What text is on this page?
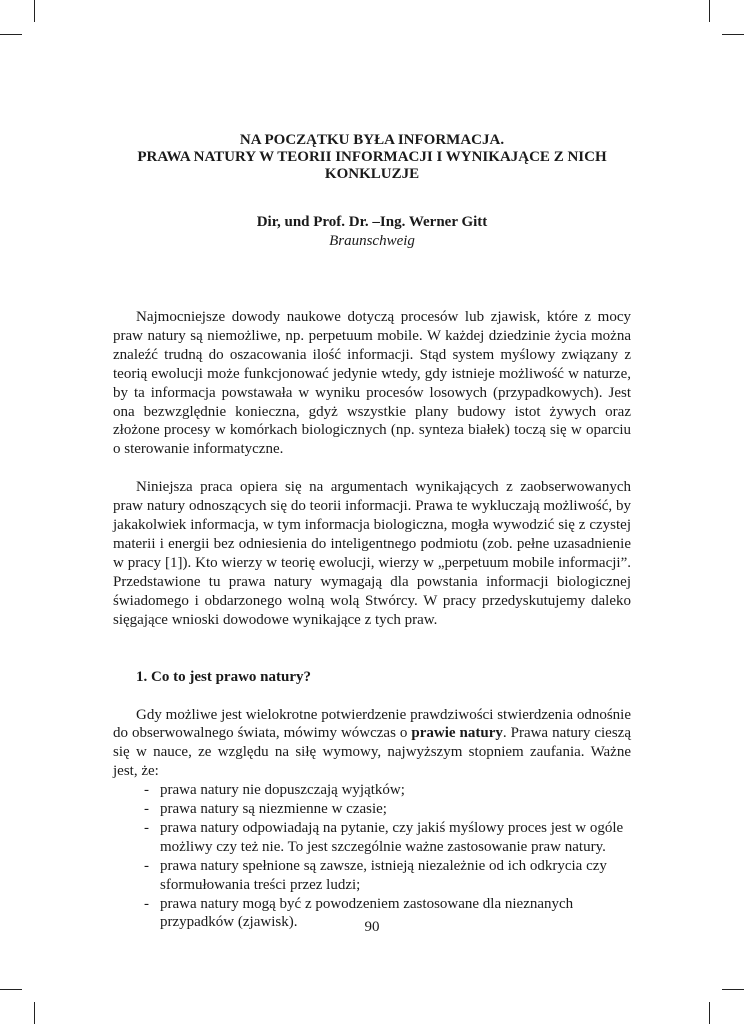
NA POCZĄTKU BYŁA INFORMACJA.
PRAWA NATURY W TEORII INFORMACJI I WYNIKAJĄCE Z NICH
KONKLUZJE
Dir, und Prof. Dr. –Ing. Werner Gitt
Braunschweig

Najmocniejsze dowody naukowe dotyczą procesów lub zjawisk, które z mocy praw natury są niemożliwe, np. perpetuum mobile. W każdej dziedzinie życia można znaleźć trudną do oszacowania ilość informacji. Stąd system myślowy związany z teorią ewolucji może funkcjonować jedynie wtedy, gdy istnieje możliwość w naturze, by ta informacja powstawała w wyniku procesów losowych (przypadkowych). Jest ona bezwzględnie konieczna, gdyż wszystkie plany budowy istot żywych oraz złożone procesy w komórkach biologicznych (np. synteza białek) toczą się w oparciu o sterowanie informatyczne.

Niniejsza praca opiera się na argumentach wynikających z zaobserwowanych praw natury odnoszących się do teorii informacji. Prawa te wykluczają możliwość, by jakakolwiek informacja, w tym informacja biologiczna, mogła wywodzić się z czystej materii i energii bez odniesienia do inteligentnego podmiotu (zob. pełne uzasadnienie w pracy [1]). Kto wierzy w teorię ewolucji, wierzy w „perpetuum mobile informacji”. Przedstawione tu prawa natury wymagają dla powstania informacji biologicznej świadomego i obdarzonego wolną wolą Stwórcy. W pracy przedyskutujemy daleko sięgające wnioski dowodowe wynikające z tych praw.

1. Co to jest prawo natury?

Gdy możliwe jest wielokrotne potwierdzenie prawdziwości stwierdzenia odnośnie do obserwowalnego świata, mówimy wówczas o prawie natury. Prawa natury cieszą się w nauce, ze względu na siłę wymowy, najwyższym stopniem zaufania. Ważne jest, że:

- prawa natury nie dopuszczają wyjątków;
- prawa natury są niezmienne w czasie;
- prawa natury odpowiadają na pytanie, czy jakiś myślowy proces jest w ogóle możliwy czy też nie. To jest szczególnie ważne zastosowanie praw natury.
- prawa natury spełnione są zawsze, istnieją niezależnie od ich odkrycia czy sformułowania treści przez ludzi;
- prawa natury mogą być z powodzeniem zastosowane dla nieznanych przypadków (zjawisk).	90
